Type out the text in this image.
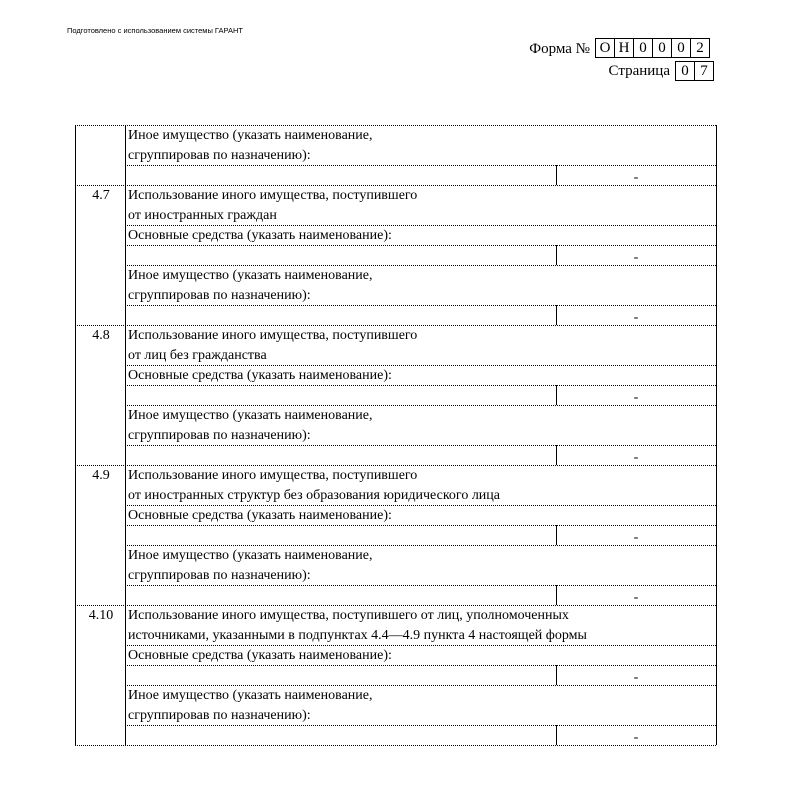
Подготовлено с использованием системы ГАРАНТ
Форма № О Н 0 0 0 2
Страница 0 7
Иное имущество (указать наименование,
сгруппировав по назначению):
-
4.7	Использование иного имущества, поступившего
от иностранных граждан
Основные средства (указать наименование):
-
Иное имущество (указать наименование,
сгруппировав по назначению):
-
4.8	Использование иного имущества, поступившего
от лиц без гражданства
Основные средства (указать наименование):
-
Иное имущество (указать наименование,
сгруппировав по назначению):
-
4.9	Использование иного имущества, поступившего
от иностранных структур без образования юридического лица
Основные средства (указать наименование):
-
Иное имущество (указать наименование,
сгруппировав по назначению):
-
4.10	Использование иного имущества, поступившего от лиц, уполномоченных
источниками, указанными в подпунктах 4.4—4.9 пункта 4 настоящей формы
Основные средства (указать наименование):
-
Иное имущество (указать наименование,
сгруппировав по назначению):
-
